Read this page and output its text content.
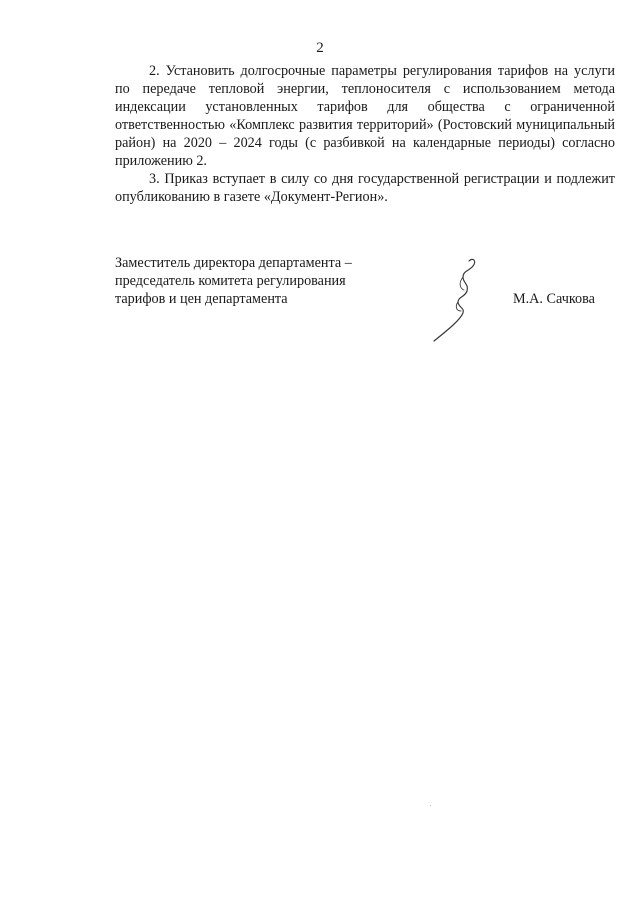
2

2. Установить долгосрочные параметры регулирования тарифов на услуги по передаче тепловой энергии, теплоносителя с использованием метода индексации установленных тарифов для общества с ограниченной ответственностью «Комплекс развития территорий» (Ростовский муниципальный район) на 2020 – 2024 годы (с разбивкой на календарные периоды) согласно приложению 2.

3. Приказ вступает в силу со дня государственной регистрации и подлежит опубликованию в газете «Документ-Регион».

Заместитель директора департамента –
председатель комитета регулирования
тарифов и цен департамента	М.А. Сачкова
